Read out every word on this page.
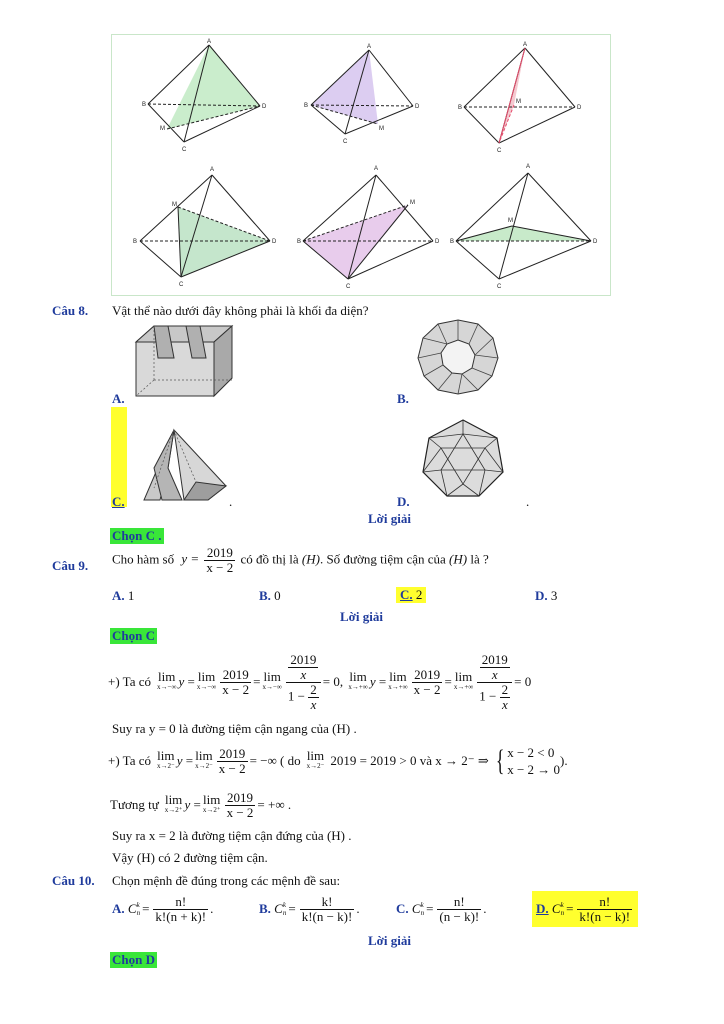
A
B
C
D
M
A
B
C
D
M
A
B
C
D
M
A
B
C
D
M
A
B
C
D
M
A
B
C
D
M
Câu 8. Vật thể nào dưới đây không phải là khối đa diện?
A.	B.
C.	.	D.	.
Lời giải
Chọn C .
Câu 9. Cho hàm số $y = \frac{2019}{x - 2}$ có đồ thị là (H). Số đường tiệm cận của (H) là ?
A. 1	B. 0	C. 2	D. 3
Lời giải
Chọn C
+) Ta có lim
x→−∞ y
= lim
$x\to-\infty \frac{2019}{x - 2} = \lim$
$x\to-\infty \frac{\frac{2019}{x}}{1 - \frac{2}{x}} = 0$,
lim
x→+∞ y
= lim
$x\to+\infty \frac{2019}{x - 2} = \lim$
$x\to+\infty \frac{\frac{2019}{x}}{1 - \frac{2}{x}} = 0$
Suy ra y = 0 là đường tiệm cận ngang của (H) .
+) Ta có lim
x→2⁻ y
= lim
$x\to 2^- \frac{2019}{x - 2}$ = −∞ ( do lim
x→2⁻ 2019 = 2019 > 0 và x → 2⁻ ⇒ { x − 2 < 0
x − 2 → 0
).
Tương tự lim
x→2⁺ y
= lim
$x\to 2^+ \frac{2019}{x - 2}$ = +∞ .
Suy ra x = 2 là đường tiệm cận đứng của (H) .
Vậy (H) có 2 đường tiệm cận.
Câu 10. Chọn mệnh đề đúng trong các mệnh đề sau:
A.
C k
$n = \frac{n!}{k!(n + k)!}$ .	B.
C k
$n = \frac{k!}{k!(n - k)!}$ .	C.
C k
$n = \frac{n!}{(n - k)!}$ .	D.
C k
$n = \frac{n!}{k!(n - k)!}$
Lời giải
Chọn D
